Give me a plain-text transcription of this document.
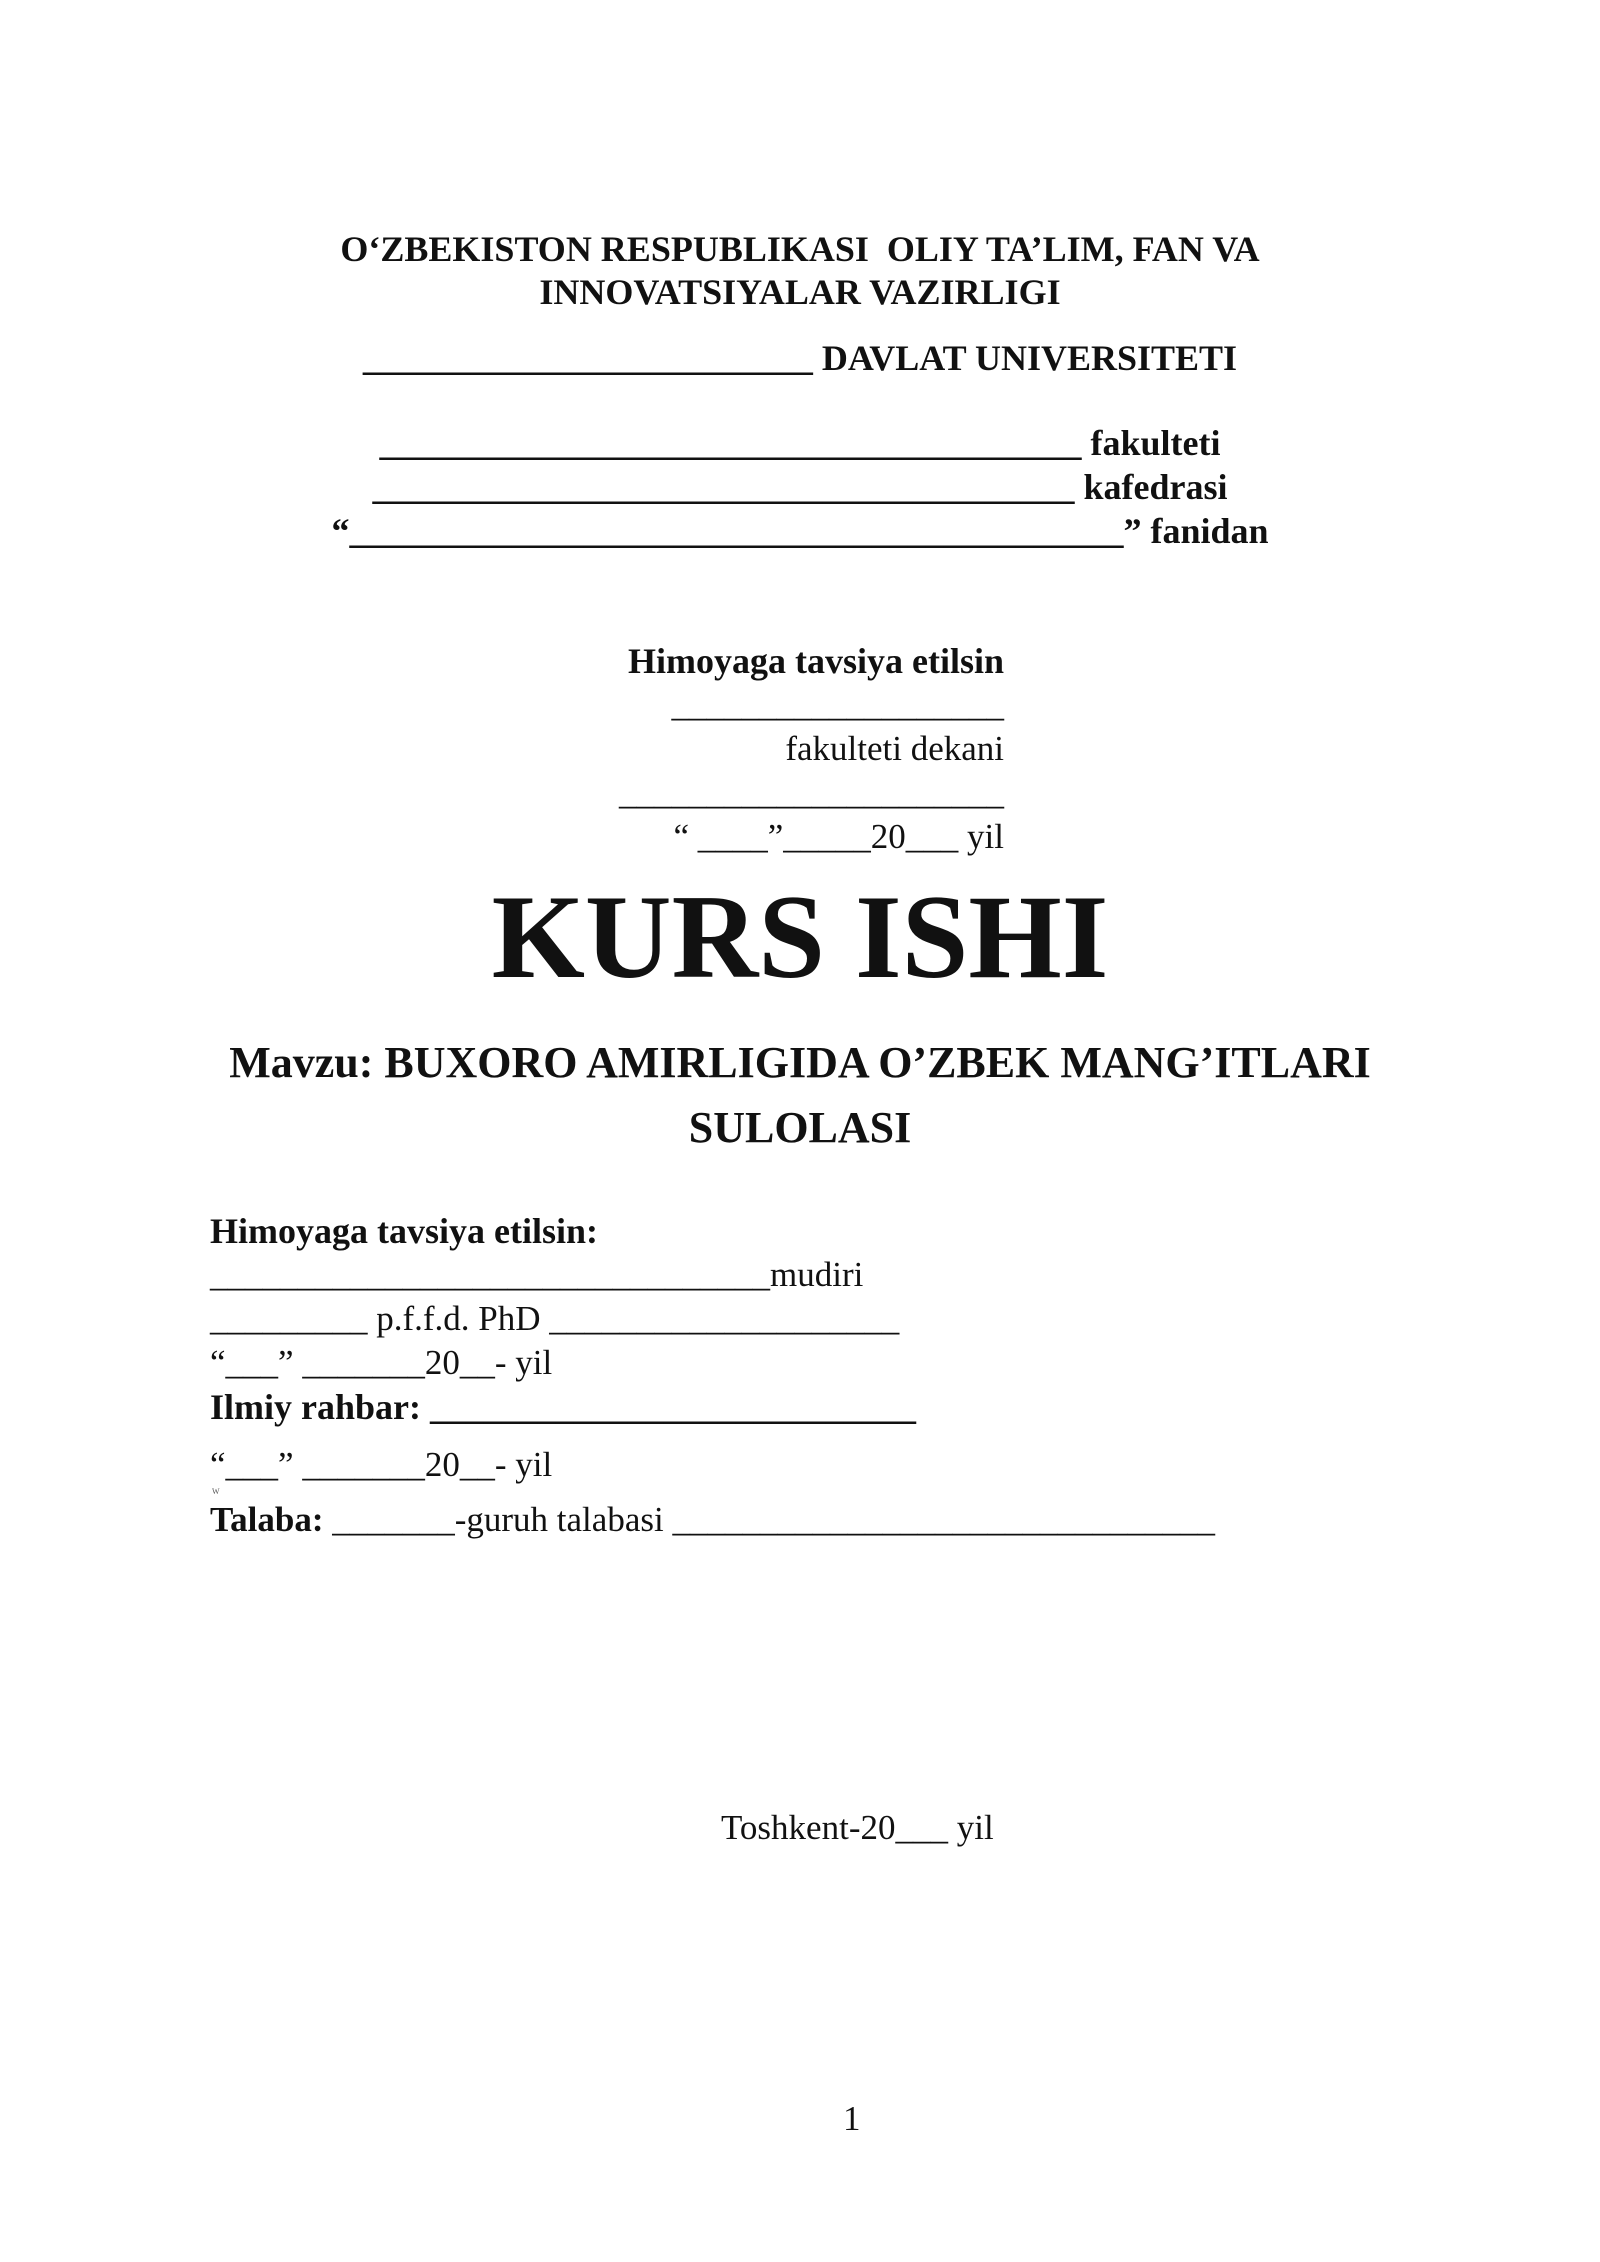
O‘ZBEKISTON RESPUBLIKASI  OLIY TA’LIM, FAN VA
INNOVATSIYALAR VAZIRLIGI
_________________________ DAVLAT UNIVERSITETI
_______________________________________ fakulteti
_______________________________________ kafedrasi
“___________________________________________” fanidan
Himoyaga tavsiya etilsin
___________________
fakulteti dekani
______________________
“ ____”_____20___ yil
KURS ISHI
Mavzu: BUXORO AMIRLIGIDA O’ZBEK MANG’ITLARI
SULOLASI
Himoyaga tavsiya etilsin:
________________________________mudiri
_________ p.f.f.d. PhD ____________________
“___” _______20__- yil
Ilmiy rahbar: ___________________________
“___” _______20__- yil
W
Talaba: _______-guruh talabasi _______________________________
Toshkent-20___ yil
1
